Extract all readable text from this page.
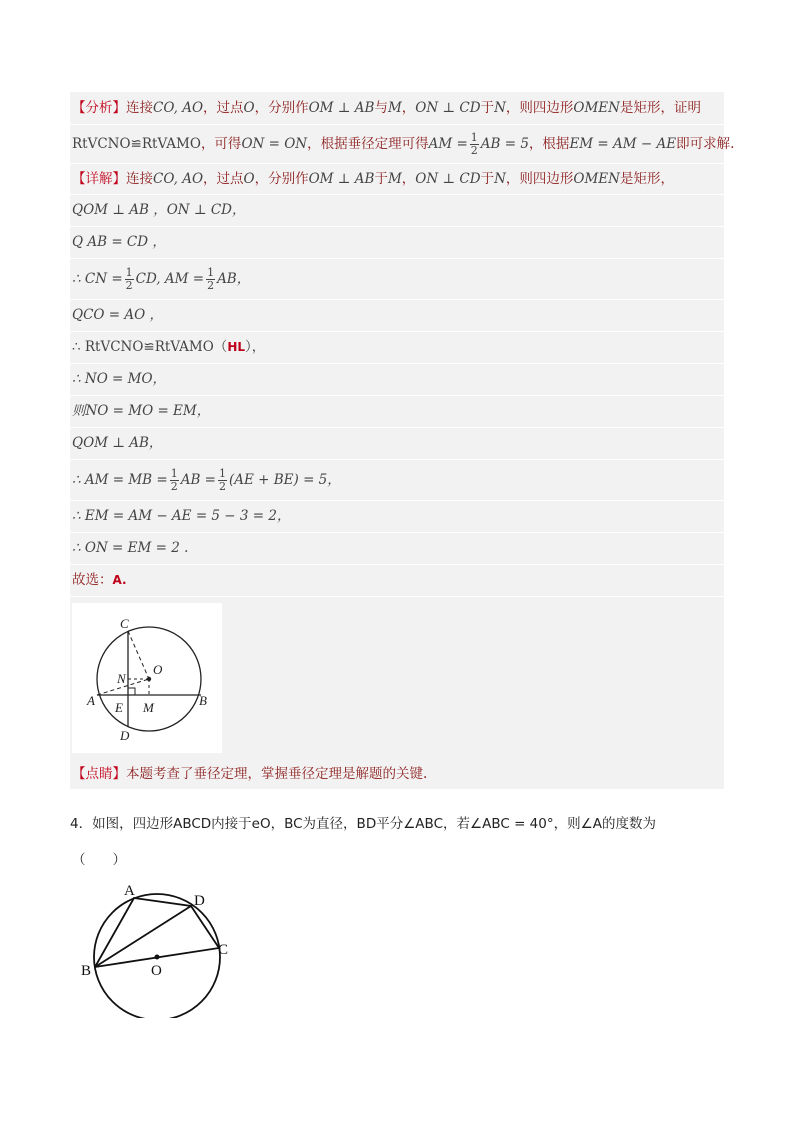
【分析】 连接 CO, AO ，过点 O ，分别作 OM ⊥ AB 与 M ， ON ⊥ CD 于 N ，则四边形 OMEN 是矩形，证明
RtVCNO≌RtVAMO ，可得 ON = ON ，根据垂径定理可得 AM = $\frac{1}{2}$ AB = 5 ，根据 EM = AM − AE 即可求解.
【详解】 连接 CO, AO ，过点 O ，分别作 OM ⊥ AB 于 M ， ON ⊥ CD 于 N ，则四边形 OMEN 是矩形，
QOM ⊥ AB ，ON ⊥ CD，
Q AB = CD ，
∴ CN = $\frac{1}{2}$ CD, AM = $\frac{1}{2}$ AB，
QCO = AO ，
∴ RtVCNO≌RtVAMO（ HL ），
∴ NO = MO，
则NO = MO = EM，
QOM ⊥ AB，
∴ AM = MB = $\frac{1}{2}$ AB = $\frac{1}{2} (AE + BE) = 5$，
∴ EM = AM − AE = 5 − 3 = 2，
∴ ON = EM = 2 .
故选： A.
C
O
N
A E M	B
D
【点睛】 本题考查了垂径定理，掌握垂径定理是解题的关键.
4．如图，四边形ABCD内接于eO，BC为直径，BD平分∠ABC，若∠ABC = 40°，则∠A的度数为
（　　）
A
D
C
B	O
